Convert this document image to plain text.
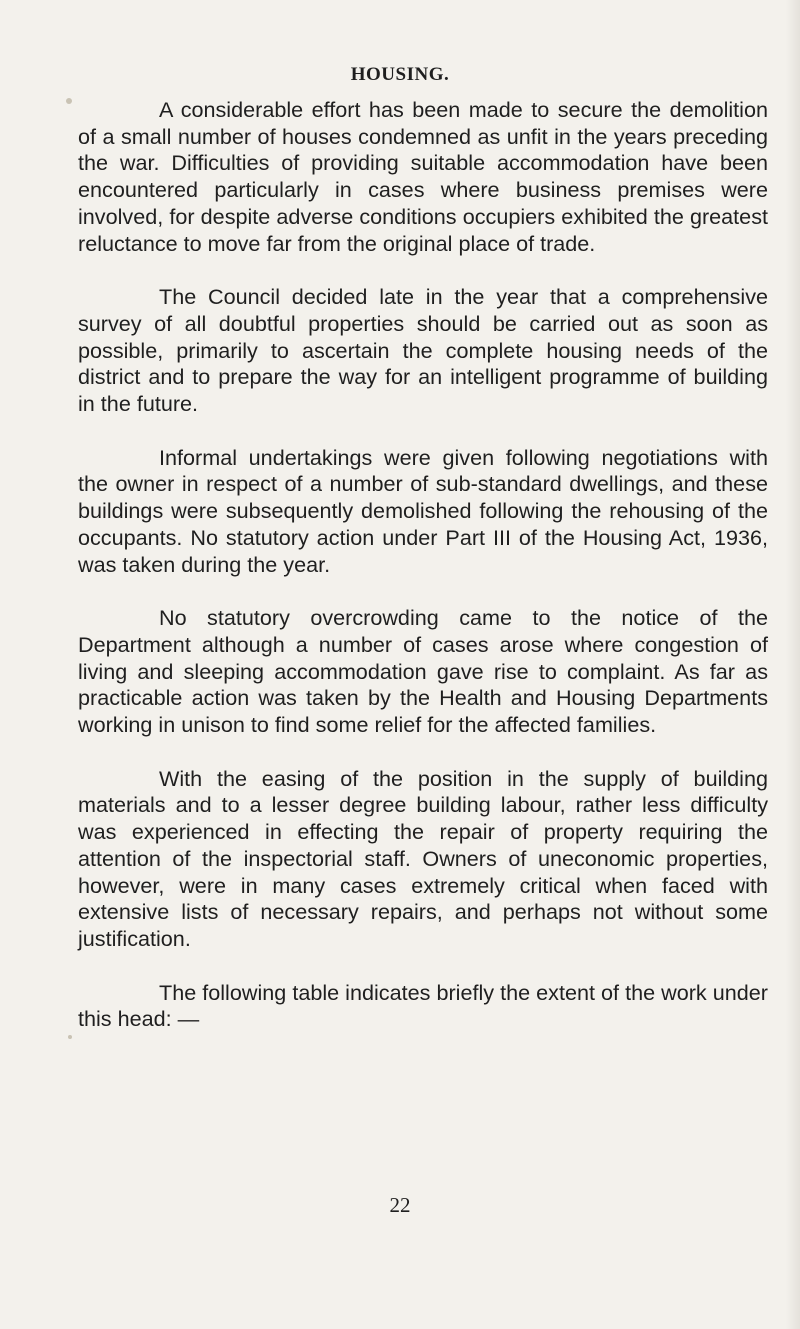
HOUSING.

A considerable effort has been made to secure the demolition of a small number of houses condemned as unfit in the years preceding the war. Difficulties of providing suitable accommodation have been encountered particularly in cases where business premises were involved, for despite adverse conditions occupiers exhibited the greatest reluctance to move far from the original place of trade.

The Council decided late in the year that a comprehensive survey of all doubtful properties should be carried out as soon as possible, primarily to ascertain the complete housing needs of the district and to prepare the way for an intelligent programme of building in the future.

Informal undertakings were given following negotiations with the owner in respect of a number of sub-standard dwellings, and these buildings were subsequently demolished following the rehousing of the occupants. No statutory action under Part III of the Housing Act, 1936, was taken during the year.

No statutory overcrowding came to the notice of the Department although a number of cases arose where congestion of living and sleeping accommodation gave rise to complaint. As far as practicable action was taken by the Health and Housing Departments working in unison to find some relief for the affected families.

With the easing of the position in the supply of building materials and to a lesser degree building labour, rather less difficulty was experienced in effecting the repair of property requiring the attention of the inspectorial staff. Owners of uneconomic properties, however, were in many cases extremely critical when faced with extensive lists of necessary repairs, and perhaps not without some justification.

The following table indicates briefly the extent of the work under this head: —

22
